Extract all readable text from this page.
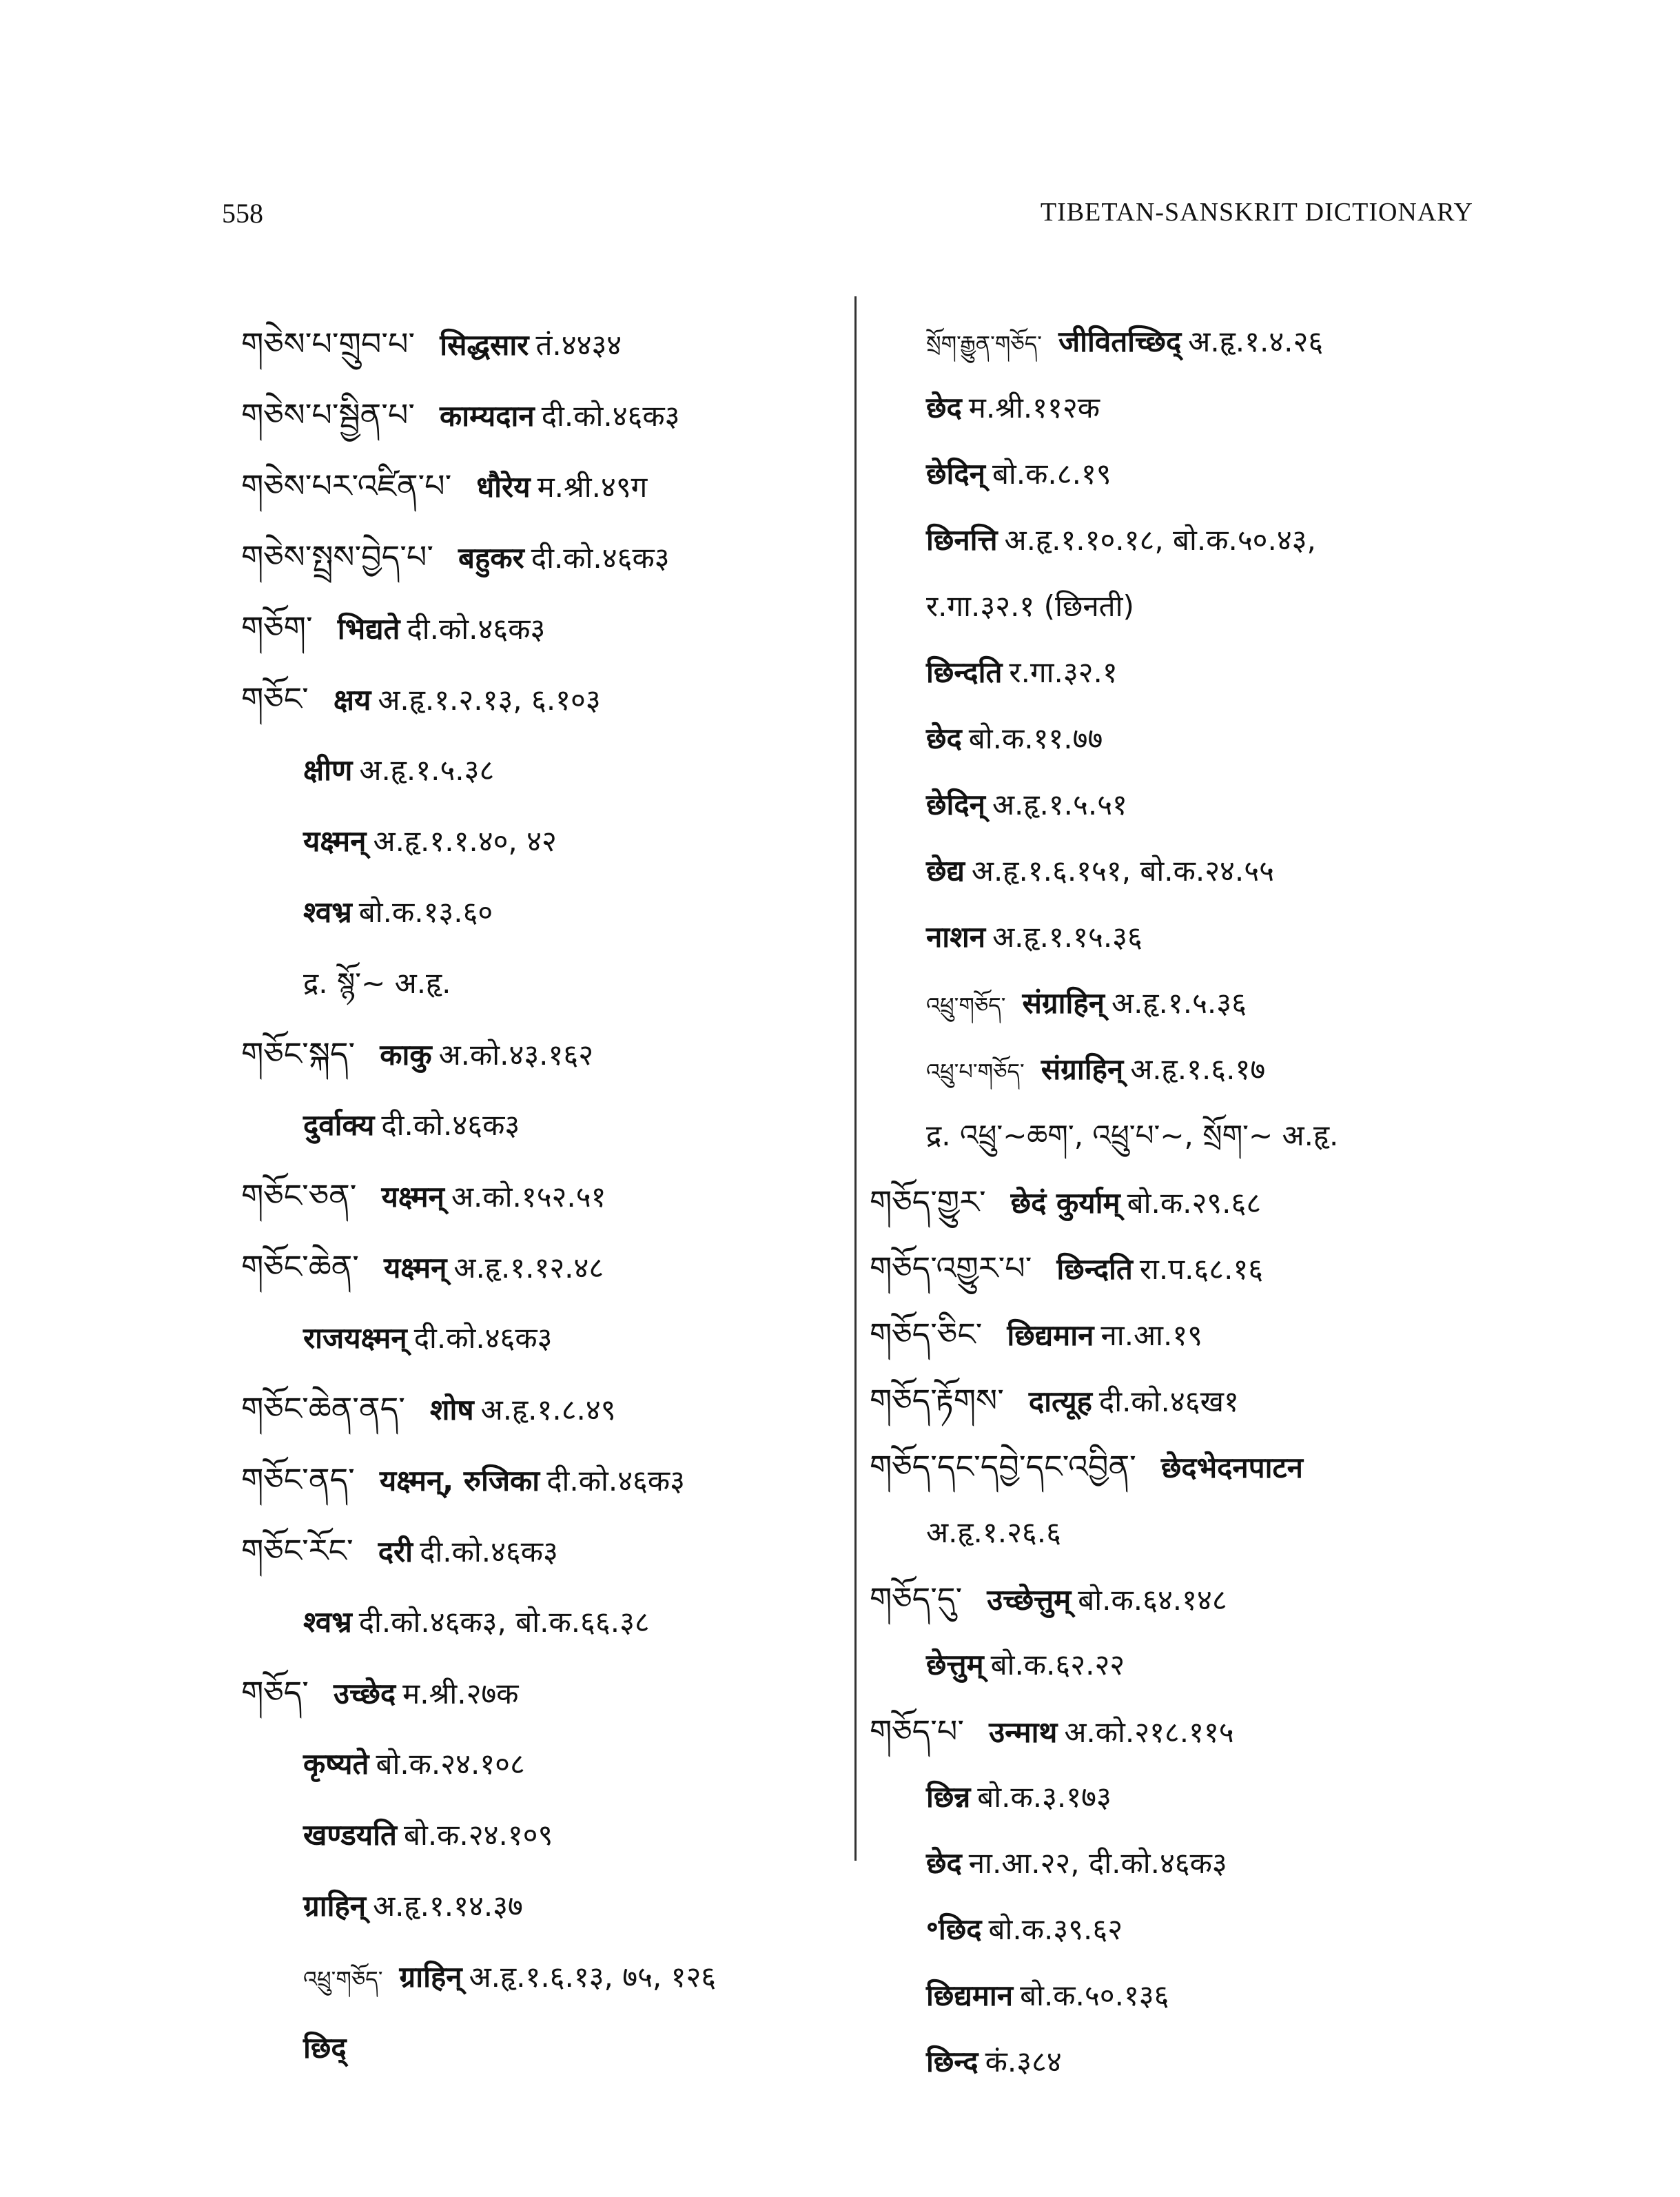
558	TIBETAN-SANSKRIT DICTIONARY
གཅེས་པ་གྲུབ་པ་ सिद्धसार तं.४४३४
གཅེས་པ་སྦྱིན་པ་ काम्यदान दी.को.४६क३
གཅེས་པར་འཛིན་པ་ धौरेय म.श्री.४९ग
གཅེས་སྤྲས་བྱེད་པ་ बहुकर दी.को.४६क३
གཅོག་ भिद्यते दी.को.४६क३
གཅོང་ क्षय अ.हृ.१.२.१३, ६.१०३
क्षीण अ.हृ.१.५.३८
यक्ष्मन् अ.हृ.१.१.४०, ४२
श्वभ्र बो.क.१३.६०
द्र. སྙོ་~ अ.हृ.
གཅོང་སྐད་ काकु अ.को.४३.१६२
दुर्वाक्य दी.को.४६क३
གཅོང་ཅན་ यक्ष्मन् अ.को.१५२.५१
གཅོང་ཆེན་ यक्ष्मन् अ.हृ.१.१२.४८
राजयक्ष्मन् दी.को.४६क३
གཅོང་ཆེན་ནད་ शोष अ.हृ.१.८.४९
གཅོང་ནད་ यक्ष्मन्, रुजिका दी.को.४६क३
གཅོང་རོང་ दरी दी.को.४६क३
श्वभ्र दी.को.४६क३, बो.क.६६.३८
གཅོད་ उच्छेद म.श्री.२७क
कृष्यते बो.क.२४.१०८
खण्डयति बो.क.२४.१०९
ग्राहिन् अ.हृ.१.१४.३७
འཕྲུ་གཅོད་ ग्राहिन् अ.हृ.१.६.१३, ७५, १२६
छिद्
སྲོག་རྒྱུན་གཅོད་ जीवितच्छिद् अ.हृ.१.४.२६
छेद म.श्री.११२क
छेदिन् बो.क.८.१९
छिनत्ति अ.हृ.१.१०.१८, बो.क.५०.४३,
र.गा.३२.१ (छिनती)
छिन्दति र.गा.३२.१
छेद बो.क.११.७७
छेदिन् अ.हृ.१.५.५१
छेद्य अ.हृ.१.६.१५१, बो.क.२४.५५
नाशन अ.हृ.१.१५.३६
འཕྲུ་གཅོད་ संग्राहिन् अ.हृ.१.५.३६
འཕྲུ་པ་གཅོད་ संग्राहिन् अ.हृ.१.६.१७
द्र. འཕྲུ་~ཆག་, འཕྲུ་པ་~, སྲོག་~ अ.हृ.
གཅོད་གྱུར་ छेदं कुर्याम् बो.क.२९.६८
གཅོད་འགྱུར་པ་ छिन्दति रा.प.६८.१६
གཅོད་ཅིང་ छिद्यमान ना.आ.१९
གཅོད་རྟོགས་ दात्यूह दी.को.४६ख१
གཅོད་དང་དབྱེ་དང་འབྱིན་ छेदभेदनपाटन
अ.हृ.१.२६.६
གཅོད་དུ་ उच्छेत्तुम् बो.क.६४.१४८
छेत्तुम् बो.क.६२.२२
གཅོད་པ་ उन्माथ अ.को.२१८.११५
छिन्न बो.क.३.१७३
छेद ना.आ.२२, दी.को.४६क३
॰छिद बो.क.३९.६२
छिद्यमान बो.क.५०.१३६
छिन्द कं.३८४
